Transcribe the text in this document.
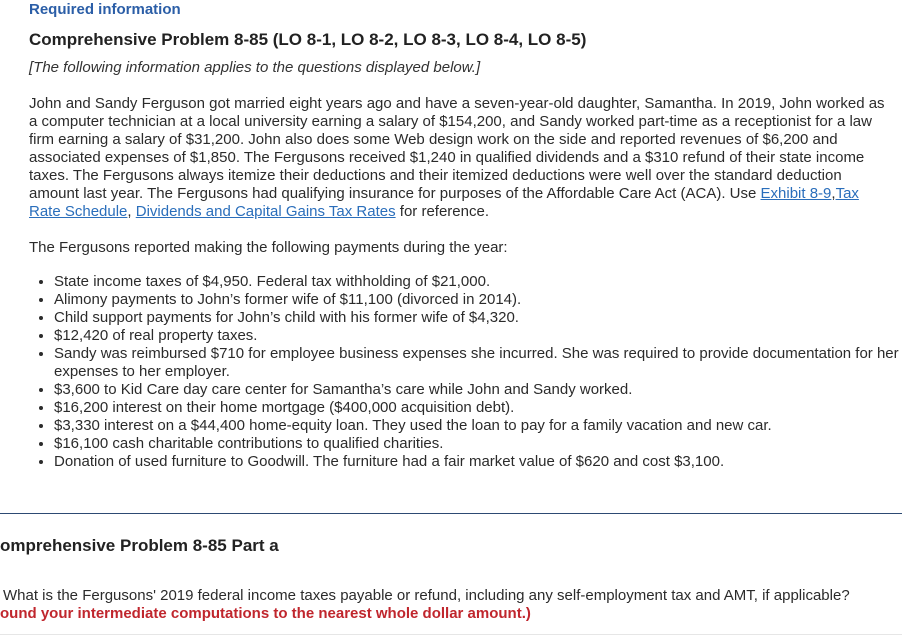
Required information
Comprehensive Problem 8-85 (LO 8-1, LO 8-2, LO 8-3, LO 8-4, LO 8-5)
[The following information applies to the questions displayed below.]
John and Sandy Ferguson got married eight years ago and have a seven-year-old daughter, Samantha. In 2019, John worked as a computer technician at a local university earning a salary of $154,200, and Sandy worked part-time as a receptionist for a law firm earning a salary of $31,200. John also does some Web design work on the side and reported revenues of $6,200 and associated expenses of $1,850. The Fergusons received $1,240 in qualified dividends and a $310 refund of their state income taxes. The Fergusons always itemize their deductions and their itemized deductions were well over the standard deduction amount last year. The Fergusons had qualifying insurance for purposes of the Affordable Care Act (ACA). Use Exhibit 8-9,Tax Rate Schedule, Dividends and Capital Gains Tax Rates for reference.
The Fergusons reported making the following payments during the year:
• State income taxes of $4,950. Federal tax withholding of $21,000.
• Alimony payments to John’s former wife of $11,100 (divorced in 2014).
• Child support payments for John’s child with his former wife of $4,320.
• $12,420 of real property taxes.
• Sandy was reimbursed $710 for employee business expenses she incurred. She was required to provide documentation for her expenses to her employer.
• $3,600 to Kid Care day care center for Samantha’s care while John and Sandy worked.
• $16,200 interest on their home mortgage ($400,000 acquisition debt).
• $3,330 interest on a $44,400 home-equity loan. They used the loan to pay for a family vacation and new car.
• $16,100 cash charitable contributions to qualified charities.
• Donation of used furniture to Goodwill. The furniture had a fair market value of $620 and cost $3,100.
omprehensive Problem 8-85 Part a
What is the Fergusons' 2019 federal income taxes payable or refund, including any self-employment tax and AMT, if applicable?
ound your intermediate computations to the nearest whole dollar amount.)
